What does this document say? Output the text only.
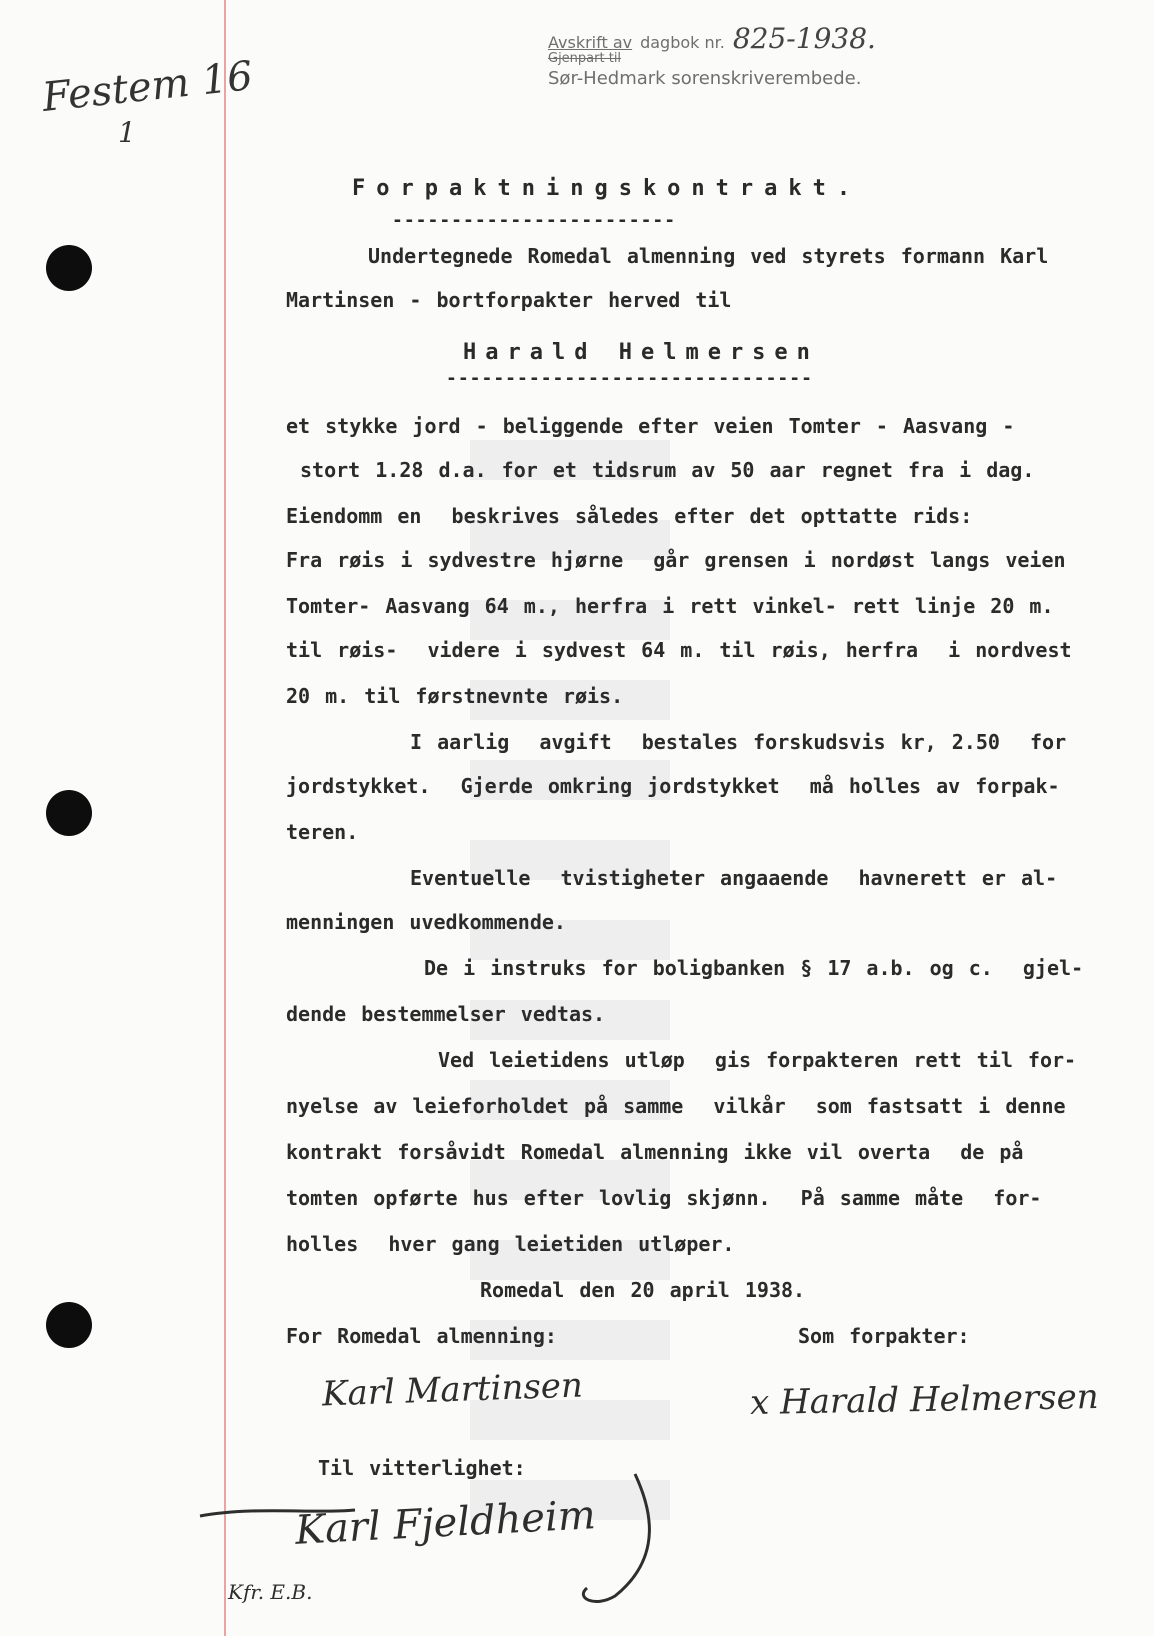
Festem 16
1
Avskrift av dagbok nr. 825-1938.
Gjenpart til
Sør-Hedmark sorenskriverembede.
Forpaktningskontrakt.
------------------------
Undertegnede Romedal almenning ved styrets formann Karl
Martinsen - bortforpakter herved til
Harald Helmersen
-------------------------------
et stykke jord - beliggende efter veien Tomter - Aasvang -
stort 1.28 d.a. for et tidsrum av 50 aar regnet fra i dag.
Eiendomm en  beskrives således efter det opttatte rids:
Fra røis i sydvestre hjørne  går grensen i nordøst langs veien
Tomter- Aasvang 64 m., herfra i rett vinkel- rett linje 20 m.
til røis-  videre i sydvest 64 m. til røis, herfra  i nordvest
20 m. til førstnevnte røis.
I aarlig  avgift  bestales forskudsvis kr, 2.50  for
jordstykket.  Gjerde omkring jordstykket  må holles av forpak-
teren.
Eventuelle  tvistigheter angaaende  havnerett er al-
menningen uvedkommende.
De i instruks for boligbanken § 17 a.b. og c.  gjel-
dende bestemmelser vedtas.
Ved leietidens utløp  gis forpakteren rett til for-
nyelse av leieforholdet på samme  vilkår  som fastsatt i denne
kontrakt forsåvidt Romedal almenning ikke vil overta  de på
tomten opførte hus efter lovlig skjønn.  På samme måte  for-
holles  hver gang leietiden utløper.
Romedal den 20 april 1938.
For Romedal almenning:	Som forpakter:
Karl Martinsen	x Harald Helmersen
Til vitterlighet:
Karl Fjeldheim
Kfr. E.B.
